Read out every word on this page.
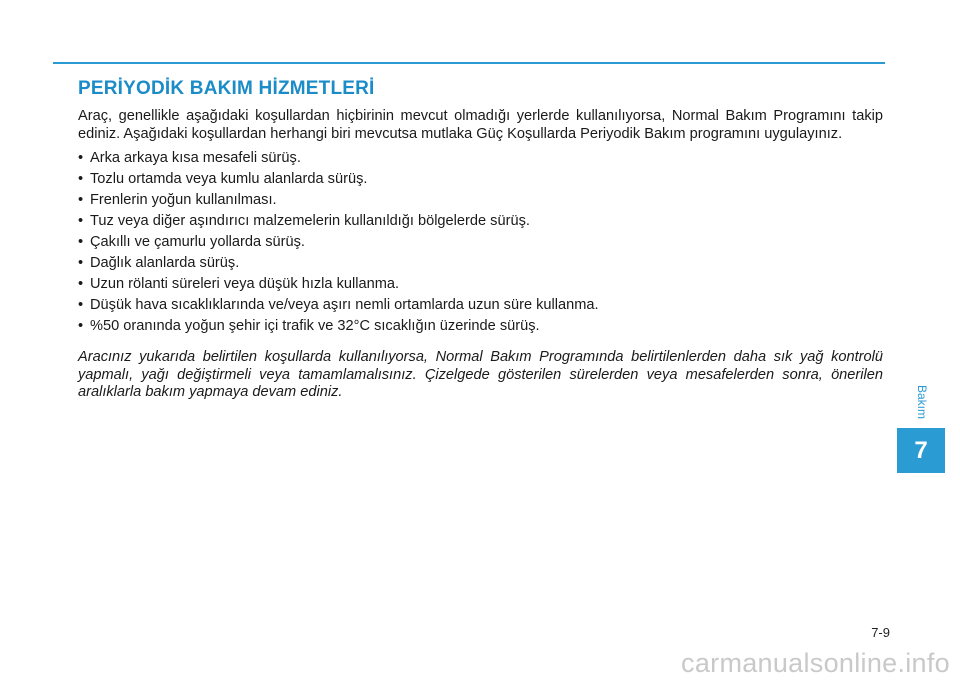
PERİYODİK BAKIM HİZMETLERİ

Araç, genellikle aşağıdaki koşullardan hiçbirinin mevcut olmadığı yerlerde kullanılıyorsa, Normal Bakım Programını takip ediniz. Aşağıdaki koşullardan herhangi biri mevcutsa mutlaka Güç Koşullarda Periyodik Bakım programını uygulayınız.

• Arka arkaya kısa mesafeli sürüş.
• Tozlu ortamda veya kumlu alanlarda sürüş.
• Frenlerin yoğun kullanılması.
• Tuz veya diğer aşındırıcı malzemelerin kullanıldığı bölgelerde sürüş.
• Çakıllı ve çamurlu yollarda sürüş.
• Dağlık alanlarda sürüş.
• Uzun rölanti süreleri veya düşük hızla kullanma.
• Düşük hava sıcaklıklarında ve/veya aşırı nemli ortamlarda uzun süre kullanma.
• %50 oranında yoğun şehir içi trafik ve 32°C sıcaklığın üzerinde sürüş.

Aracınız yukarıda belirtilen koşullarda kullanılıyorsa, Normal Bakım Programında belirtilenlerden daha sık yağ kontrolü yapmalı, yağı değiştirmeli veya tamamlamalısınız. Çizelgede gösterilen sürelerden veya mesafelerden sonra, önerilen aralıklarla bakım yapmaya devam ediniz.	Bakım
7
7-9
carmanualsonline.info
